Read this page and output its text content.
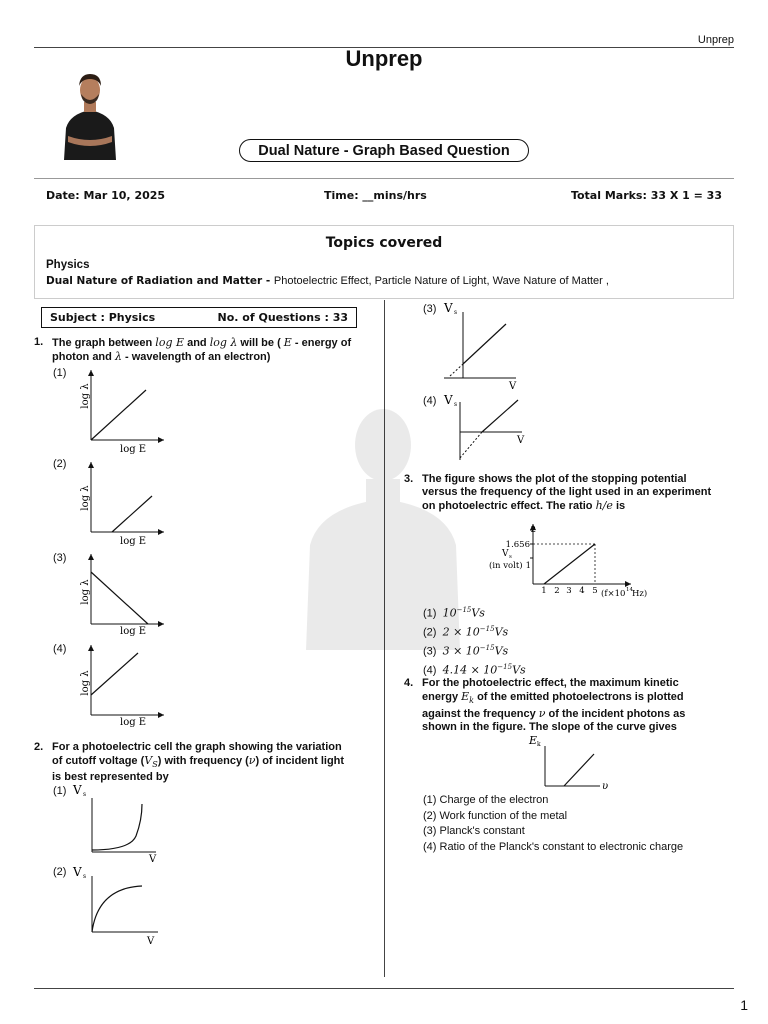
Unprep
Unprep
Dual Nature - Graph Based Question
Date: Mar 10, 2025	Time: __mins/hrs	Total Marks: 33 X 1 = 33
Topics covered
Physics
Dual Nature of Radiation and Matter - Photoelectric Effect, Particle Nature of Light, Wave Nature of Matter ,
Subject : Physics	No. of Questions : 33
1. The graph between log E and log λ will be ( E - energy of
photon and λ - wavelength of an electron)
(1)
log λ
log E
(2)
log λ
log E
(3)
log λ
log E
(4)
log λ
log E
2. For a photoelectric cell the graph showing the variation
of cutoff voltage $(V_S)$ with frequency (ν) of incident light
is best represented by
(1) V s
V
(2) V s
V
(3) V s
V
(4) V s
V
3. The figure shows the plot of the stopping potential
versus the frequency of the light used in an experiment
on photoelectric effect. The ratio h/e is
2
1.656
1
V s
(in volt)
1 2 3 4 5 (f×10 14 Hz)
(1) $10^{-15}Vs$
(2) $2 \times 10^{-15}Vs$
(3) $3 \times 10^{-15}Vs$
(4) $4.14 \times 10^{-15}Vs$
4. For the photoelectric effect, the maximum kinetic
energy $E_k$ of the emitted photoelectrons is plotted
against the frequency ν of the incident photons as
shown in the figure. The slope of the curve gives
E k
υ
(1) Charge of the electron
(2) Work function of the metal
(3) Planck's constant
(4) Ratio of the Planck's constant to electronic charge
1
